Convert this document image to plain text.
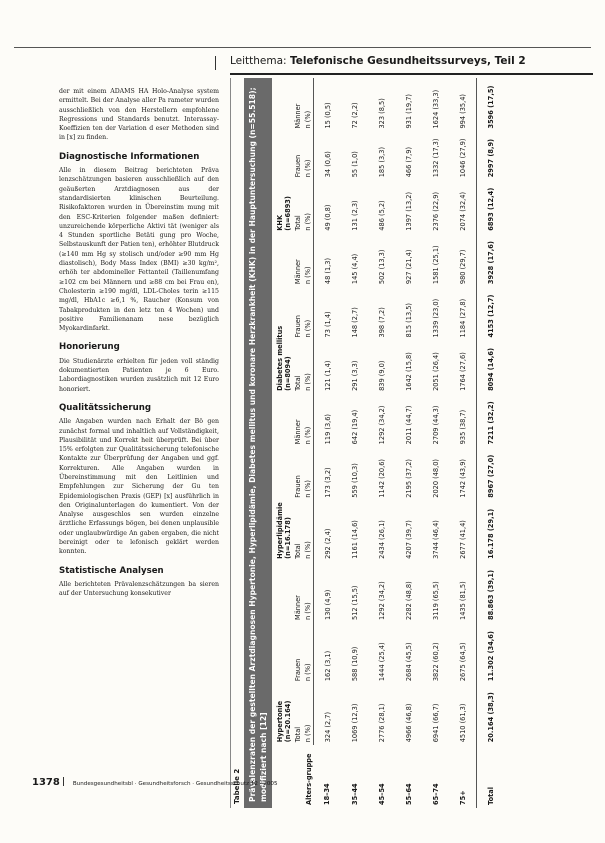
Leitthema: Telefonische Gesundheitssurveys, Teil 2

der mit einem ADAMS HA Holo-Analyse system ermittelt. Bei der Analyse aller Pa rameter wurden ausschließlich von den Herstellern empfohlene Regressions und Standards benutzt. Interassay-Koeffizien ten der Variation d eser Methoden sind in [x] zu finden.

Diagnostische Informationen

Alle in diesem Beitrag berichteten Präva lenzschätzungen basieren ausschließlich auf den geäußerten Arztdiagnosen aus der standardisierten klinischen Beurteilung. Risikofaktoren wurden in Übereinstim mung mit den ESC-Kriterien folgender maßen definiert: unzureichende körperliche Aktivi tät (weniger als 4 Stunden sportliche Betäti gung pro Woche, Selbstauskunft der Patien ten), erhöhter Blutdruck (≥140 mm Hg sy stolisch und/oder ≥90 mm Hg diastolisch), Body Mass Index (BMI) ≥30 kg/m², erhöh ter abdomineller Fettanteil (Taillenumfang ≥102 cm bei Männern und ≥88 cm bei Frau en), Cholesterin ≥190 mg/dl, LDL-Choles terin ≥115 mg/dl, HbA1c ≥6,1 %, Raucher (Konsum von Tabakprodukten in den letz ten 4 Wochen) und positive Familienanam nese bezüglich Myokardinfarkt.

Honorierung

Die Studienärzte erhielten für jeden voll ständig dokumentierten Patienten je 6 Euro. Labordiagnostiken wurden zusätzlich mit 12 Euro honoriert.

Qualitätssicherung

Alle Angaben wurden nach Erhalt der Bö gen zunächst formal und inhaltlich auf Vollständigkeit, Plausibilität und Korrekt heit überprüft. Bei über 15% erfolgten zur Qualitätssicherung telefonische Kontakte zur Überprüfung der Angaben und ggf. Korrekturen. Alle Angaben wurden in Übereinstimmung mit den Leitlinien und Empfehlungen zur Sicherung der Gu ten Epidemiologischen Praxis (GEP) [x] ausführlich in den Originalunterlagen do kumentiert. Von der Analyse ausgeschlos sen wurden einzelne ärztliche Erfassungs bögen, bei denen unplausible oder unglaubwürdige An gaben ergaben, die nicht bereinigt oder te lefonisch geklärt werden konnten.

Statistische Analysen

Alle berichteten Prävalenzschätzungen ba sieren auf der Untersuchung konsekutiver

Tabelle 2 Prävalenzraten der gestellten Arztdiagnosen Hypertonie, Hyperlipidämie, Diabetes mellitus und koronare Herzkrankheit (KHK) in der Hauptuntersuchung (n=55.518); modifiziert nach [12]	Alters-gruppe	Hypertonie
(n=20.164)			Hyperlipidämie
(n=16.178)			Diabetes mellitus
(n=8094)			KHK
(n=6893)		
	Total	Frauen	Männer	Total	Frauen	Männer	Total	Frauen	Männer	Total	Frauen	Männer
	n (%)	n (%)	n (%)	n (%)	n (%)	n (%)	n (%)	n (%)	n (%)	n (%)	n (%)	n (%)
18–34	324 (2,7)	162 (3,1)	130 (4,9)	292 (2,4)	173 (3,2)	119 (3,6)	121 (1,4)	73 (1,4)	48 (1,3)	49 (0,8)	34 (0,6)	15 (0,5)
35–44	1069 (12,3)	588 (10,9)	512 (15,5)	1161 (14,6)	559 (10,3)	642 (19,4)	291 (3,3)	148 (2,7)	145 (4,4)	131 (2,3)	55 (1,0)	72 (2,2)
45–54	2776 (28,1)	1444 (25,4)	1292 (34,2)	2434 (26,1)	1142 (20,6)	1292 (34,2)	839 (9,0)	398 (7,2)	502 (13,3)	486 (5,2)	185 (3,3)	323 (8,5)
55–64	4966 (46,8)	2684 (45,5)	2282 (48,8)	4207 (39,7)	2195 (37,2)	2011 (44,7)	1642 (15,8)	815 (13,5)	927 (21,4)	1397 (13,2)	466 (7,9)	931 (19,7)
65–74	6941 (66,7)	3822 (60,2)	3119 (65,5)	3744 (46,4)	2020 (48,0)	2709 (44,3)	2051 (26,4)	1339 (23,0)	1581 (25,1)	2376 (22,9)	1332 (17,3)	1624 (33,3)
75+	4510 (61,3)	2675 (64,5)	1435 (81,5)	2677 (41,4)	1742 (43,9)	935 (38,7)	1764 (27,6)	1184 (27,8)	980 (29,7)	2074 (32,4)	1046 (27,9)	994 (35,4)
Total	20.164 (38,3)	11.302 (34,6)	88.863 (39,1)	16.178 (29,1)	8967 (27,0)	7211 (32,2)	8094 (14,6)	4153 (12,7)	3928 (17,6)	6893 (12,4)	2997 (8,9)	3596 (17,5)
1378 Bundesgesundheitsbl · Gesundheitsforsch · Gesundheitsschutz 12 · 2005
